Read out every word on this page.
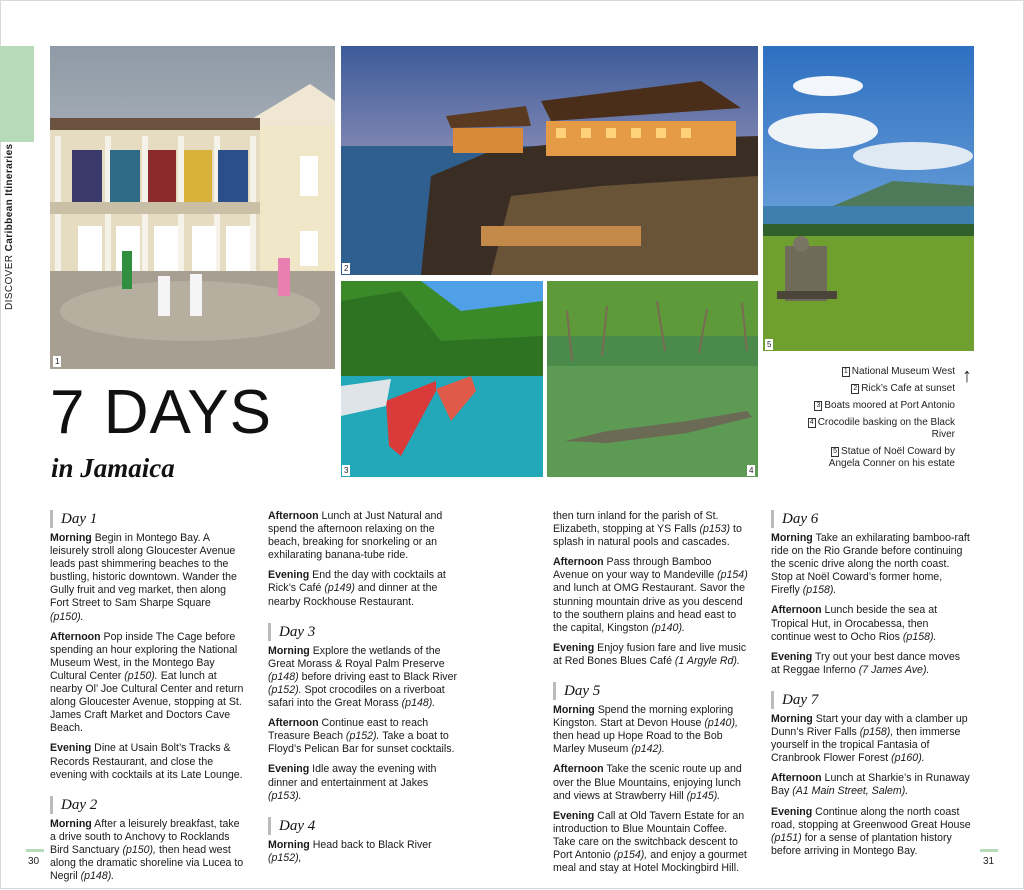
DISCOVER Caribbean Itineraries
1
2
5
3	4
1 National Museum West
2 Rick’s Cafe at sunset
3 Boats moored at Port Antonio
4 Crocodile basking on the Black River
5 Statue of Noël Coward by Angela Conner on his estate
↑
7 DAYS
in Jamaica
Day 1

Morning Begin in Montego Bay. A leisurely stroll along Gloucester Avenue leads past shimmering beaches to the bustling, historic downtown. Wander the Gully fruit and veg market, then along Fort Street to Sam Sharpe Square (p150).

Afternoon Pop inside The Cage before spending an hour exploring the National Museum West, in the Montego Bay Cultural Center (p150). Eat lunch at nearby Ol’ Joe Cultural Center and return along Gloucester Avenue, stopping at St. James Craft Market and Doctors Cave Beach.

Evening Dine at Usain Bolt’s Tracks & Records Restaurant, and close the evening with cocktails at its Late Lounge.

Day 2

Morning After a leisurely breakfast, take a drive south to Anchovy to Rocklands Bird Sanctuary (p150), then head west along the dramatic shoreline via Lucea to Negril (p148).

Afternoon Lunch at Just Natural and spend the afternoon relaxing on the beach, breaking for snorkeling or an exhilarating banana-tube ride.

Evening End the day with cocktails at Rick’s Café (p149) and dinner at the nearby Rockhouse Restaurant.

Day 3

Morning Explore the wetlands of the Great Morass & Royal Palm Preserve (p148) before driving east to Black River (p152). Spot crocodiles on a riverboat safari into the Great Morass (p148).

Afternoon Continue east to reach Treasure Beach (p152). Take a boat to Floyd’s Pelican Bar for sunset cocktails.

Evening Idle away the evening with dinner and entertainment at Jakes (p153).

Day 4

Morning Head back to Black River (p152),

then turn inland for the parish of St. Elizabeth, stopping at YS Falls (p153) to splash in natural pools and cascades.

Afternoon Pass through Bamboo Avenue on your way to Mandeville (p154) and lunch at OMG Restaurant. Savor the stunning mountain drive as you descend to the southern plains and head east to the capital, Kingston (p140).

Evening Enjoy fusion fare and live music at Red Bones Blues Café (1 Argyle Rd).

Day 5

Morning Spend the morning exploring Kingston. Start at Devon House (p140), then head up Hope Road to the Bob Marley Museum (p142).

Afternoon Take the scenic route up and over the Blue Mountains, enjoying lunch and views at Strawberry Hill (p145).

Evening Call at Old Tavern Estate for an introduction to Blue Mountain Coffee. Take care on the switchback descent to Port Antonio (p154), and enjoy a gourmet meal and stay at Hotel Mockingbird Hill.

Day 6

Morning Take an exhilarating bamboo-raft ride on the Rio Grande before continuing the scenic drive along the north coast. Stop at Noël Coward’s former home, Firefly (p158).

Afternoon Lunch beside the sea at Tropical Hut, in Orocabessa, then continue west to Ocho Rios (p158).

Evening Try out your best dance moves at Reggae Inferno (7 James Ave).

Day 7

Morning Start your day with a clamber up Dunn’s River Falls (p158), then immerse yourself in the tropical Fantasia of Cranbrook Flower Forest (p160).

Afternoon Lunch at Sharkie’s in Runaway Bay (A1 Main Street, Salem).

Evening Continue along the north coast road, stopping at Greenwood Great House (p151) for a sense of plantation history before arriving in Montego Bay.

30	31
